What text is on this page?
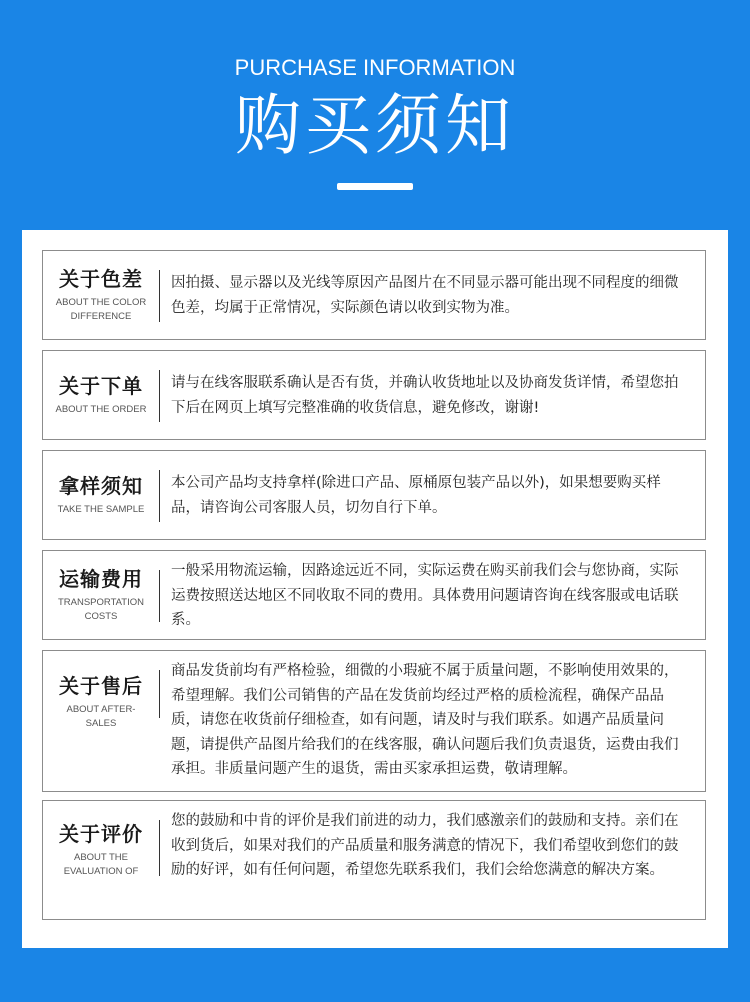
PURCHASE INFORMATION
购买须知
关于色差
ABOUT THE COLOR DIFFERENCE
因拍摄、显示器以及光线等原因产品图片在不同显示器可能出现不同程度的细微色差，均属于正常情况，实际颜色请以收到实物为准。
关于下单
ABOUT THE ORDER
请与在线客服联系确认是否有货，并确认收货地址以及协商发货详情，希望您拍下后在网页上填写完整准确的收货信息，避免修改，谢谢!
拿样须知
TAKE THE SAMPLE
本公司产品均支持拿样(除进口产品、原桶原包装产品以外)，如果想要购买样品，请咨询公司客服人员，切勿自行下单。
运输费用
TRANSPORTATION COSTS
一般采用物流运输，因路途远近不同，实际运费在购买前我们会与您协商，实际运费按照送达地区不同收取不同的费用。具体费用问题请咨询在线客服或电话联系。
关于售后
ABOUT AFTER-SALES
商品发货前均有严格检验，细微的小瑕疵不属于质量问题，不影响使用效果的，希望理解。我们公司销售的产品在发货前均经过严格的质检流程，确保产品品质，请您在收货前仔细检查，如有问题，请及时与我们联系。如遇产品质量问题，请提供产品图片给我们的在线客服，确认问题后我们负责退货，运费由我们承担。非质量问题产生的退货，需由买家承担运费，敬请理解。
关于评价
ABOUT THE EVALUATION OF
您的鼓励和中肯的评价是我们前进的动力，我们感激亲们的鼓励和支持。亲们在收到货后，如果对我们的产品质量和服务满意的情况下，我们希望收到您们的鼓励的好评，如有任何问题，希望您先联系我们，我们会给您满意的解决方案。
